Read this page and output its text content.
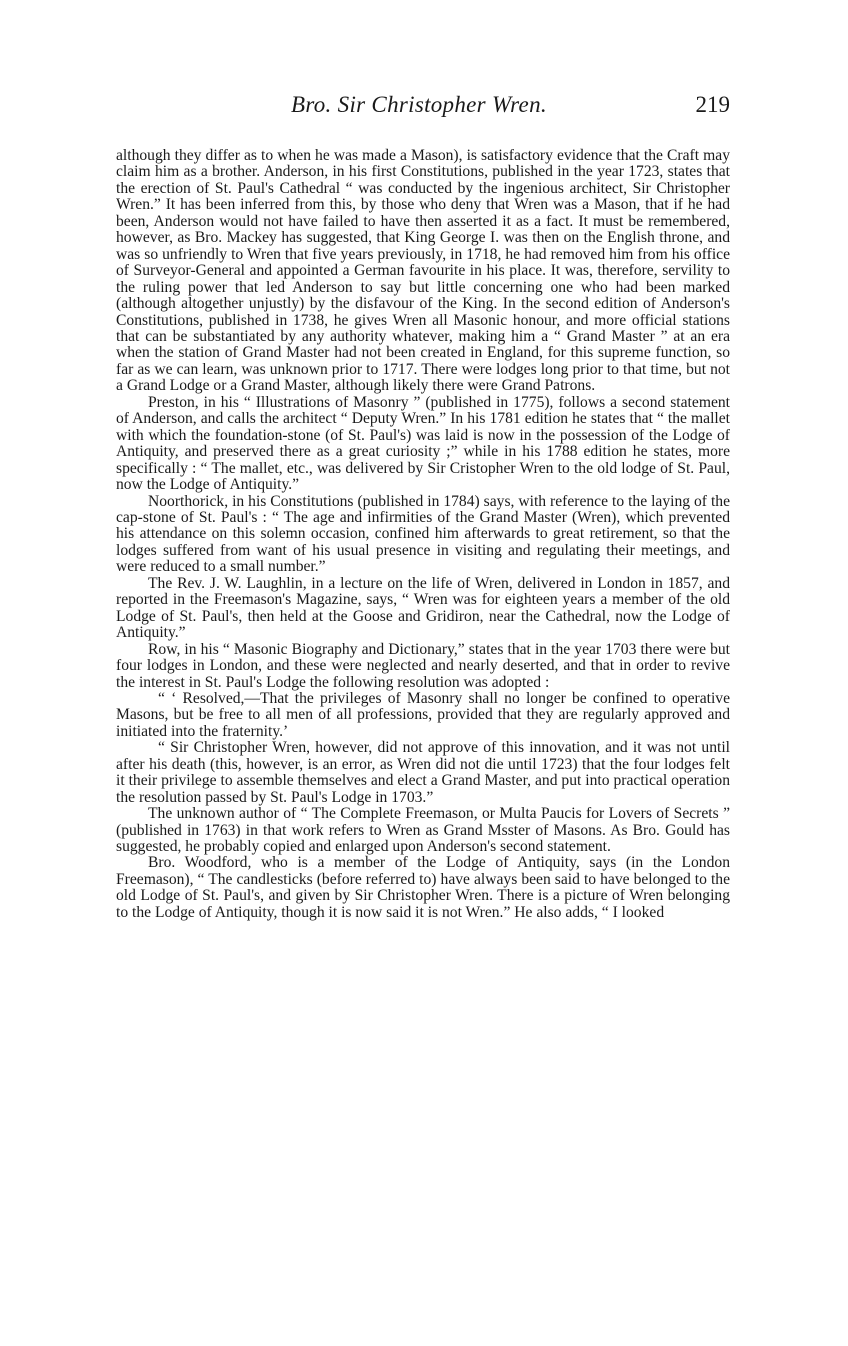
Bro. Sir Christopher Wren.	219

although they differ as to when he was made a Mason), is satisfactory evidence that the Craft may claim him as a brother. Anderson, in his first Constitutions, published in the year 1723, states that the erection of St. Paul's Cathedral “ was conducted by the ingenious architect, Sir Christopher Wren.” It has been inferred from this, by those who deny that Wren was a Mason, that if he had been, Anderson would not have failed to have then asserted it as a fact. It must be remembered, however, as Bro. Mackey has suggested, that King George I. was then on the English throne, and was so unfriendly to Wren that five years previously, in 1718, he had removed him from his office of Surveyor-General and appointed a German favourite in his place. It was, therefore, servility to the ruling power that led Anderson to say but little concerning one who had been marked (although altogether unjustly) by the disfavour of the King. In the second edition of Anderson's Constitutions, published in 1738, he gives Wren all Masonic honour, and more official stations that can be substantiated by any authority whatever, making him a “ Grand Master ” at an era when the station of Grand Master had not been created in England, for this supreme function, so far as we can learn, was unknown prior to 1717. There were lodges long prior to that time, but not a Grand Lodge or a Grand Master, although likely there were Grand Patrons.

Preston, in his “ Illustrations of Masonry ” (published in 1775), follows a second statement of Anderson, and calls the architect “ Deputy Wren.” In his 1781 edition he states that “ the mallet with which the foundation-stone (of St. Paul's) was laid is now in the possession of the Lodge of Antiquity, and preserved there as a great curiosity ;” while in his 1788 edition he states, more specifically : “ The mallet, etc., was delivered by Sir Cristopher Wren to the old lodge of St. Paul, now the Lodge of Antiquity.”

Noorthorick, in his Constitutions (published in 1784) says, with reference to the laying of the cap-stone of St. Paul's : “ The age and infirmities of the Grand Master (Wren), which prevented his attendance on this solemn occasion, confined him afterwards to great retirement, so that the lodges suffered from want of his usual presence in visiting and regulating their meetings, and were reduced to a small number.”

The Rev. J. W. Laughlin, in a lecture on the life of Wren, delivered in London in 1857, and reported in the Freemason's Magazine, says, “ Wren was for eighteen years a member of the old Lodge of St. Paul's, then held at the Goose and Gridiron, near the Cathedral, now the Lodge of Antiquity.”

Row, in his “ Masonic Biography and Dictionary,” states that in the year 1703 there were but four lodges in London, and these were neglected and nearly deserted, and that in order to revive the interest in St. Paul's Lodge the following resolution was adopted :

“ ‘ Resolved,—That the privileges of Masonry shall no longer be confined to operative Masons, but be free to all men of all professions, provided that they are regularly approved and initiated into the fraternity.’

“ Sir Christopher Wren, however, did not approve of this innovation, and it was not until after his death (this, however, is an error, as Wren did not die until 1723) that the four lodges felt it their privilege to assemble themselves and elect a Grand Master, and put into practical operation the resolution passed by St. Paul's Lodge in 1703.”

The unknown author of “ The Complete Freemason, or Multa Paucis for Lovers of Secrets ” (published in 1763) in that work refers to Wren as Grand Msster of Masons. As Bro. Gould has suggested, he probably copied and enlarged upon Anderson's second statement.

Bro. Woodford, who is a member of the Lodge of Antiquity, says (in the London Freemason), “ The candlesticks (before referred to) have always been said to have belonged to the old Lodge of St. Paul's, and given by Sir Christopher Wren. There is a picture of Wren belonging to the Lodge of Antiquity, though it is now said it is not Wren.” He also adds, “ I looked
